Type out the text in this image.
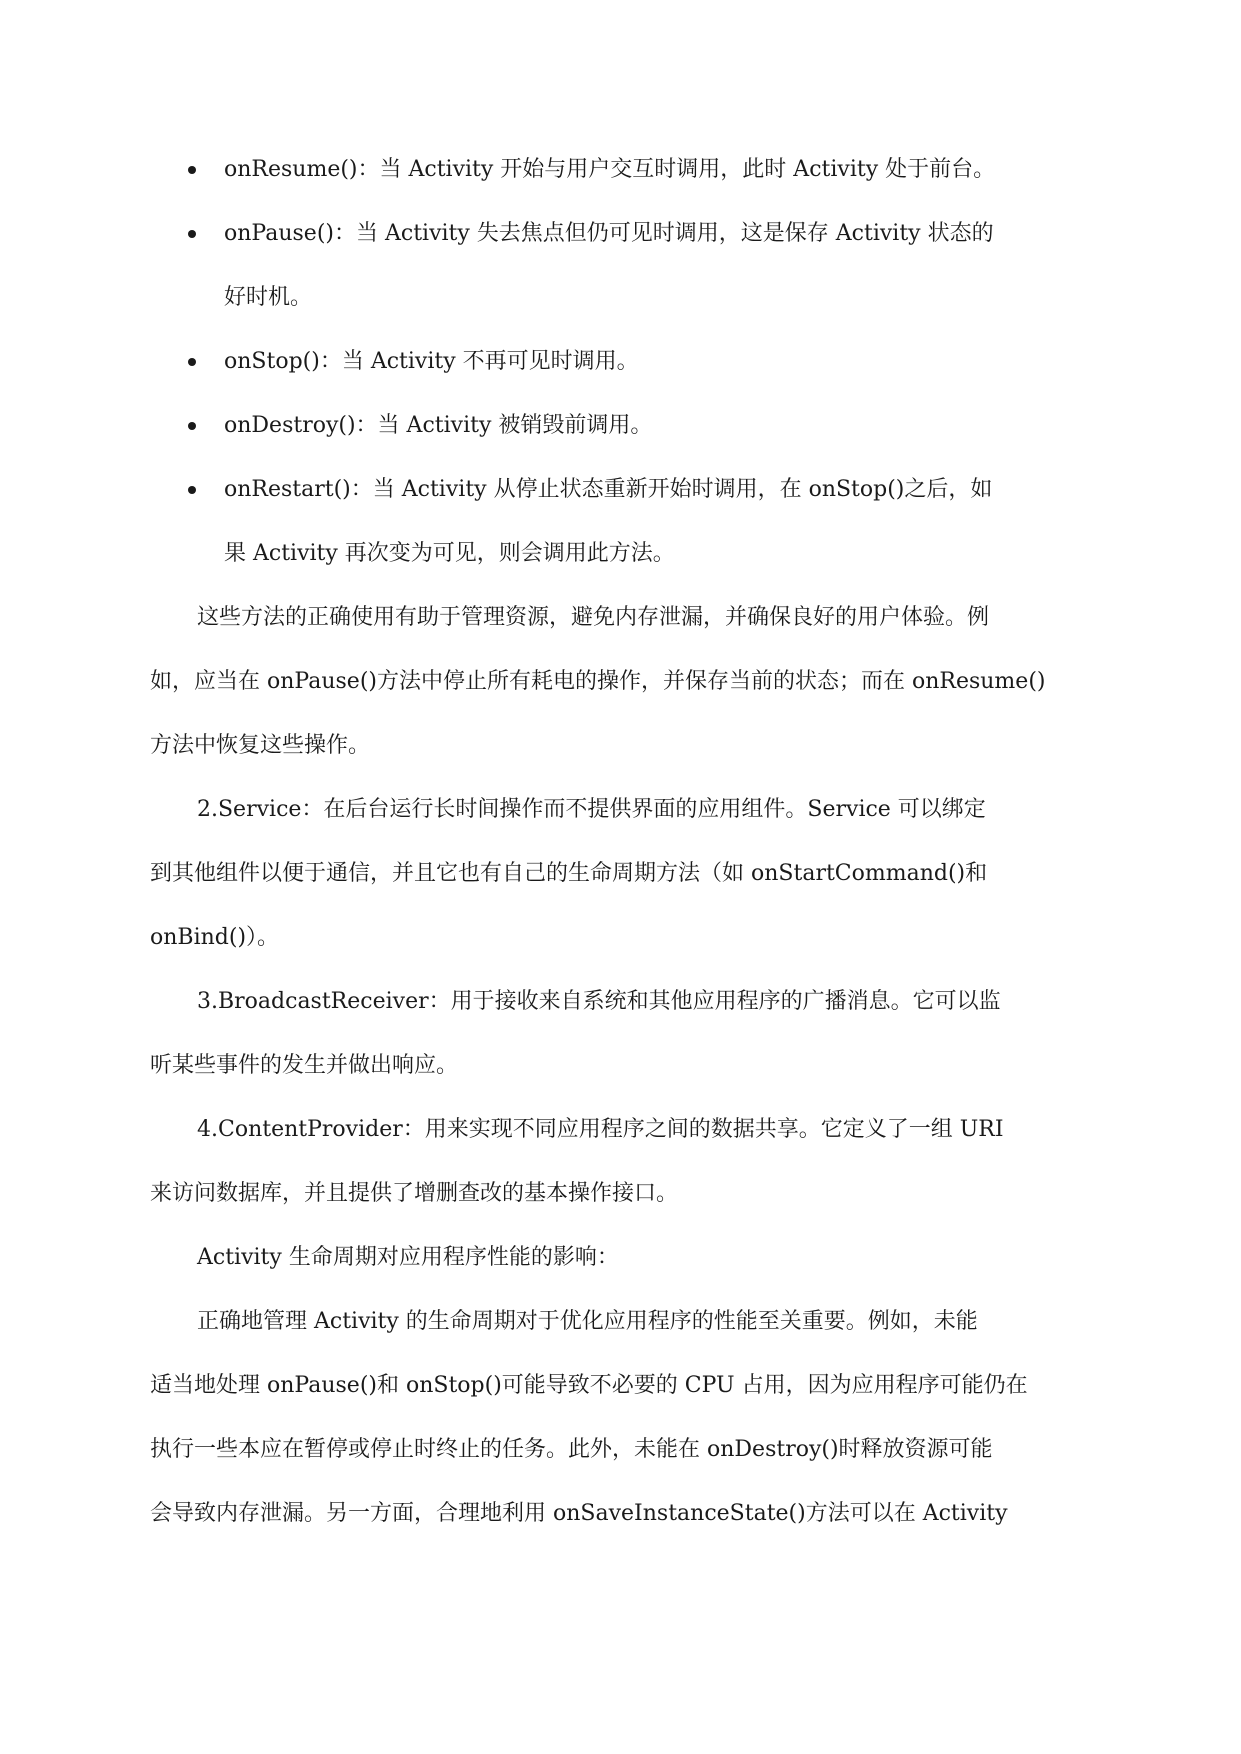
onResume()：当 Activity 开始与用户交互时调用，此时 Activity 处于前台。
onPause()：当 Activity 失去焦点但仍可见时调用，这是保存 Activity 状态的
好时机。
onStop()：当 Activity 不再可见时调用。
onDestroy()：当 Activity 被销毁前调用。
onRestart()：当 Activity 从停止状态重新开始时调用，在 onStop()之后，如
果 Activity 再次变为可见，则会调用此方法。
这些方法的正确使用有助于管理资源，避免内存泄漏，并确保良好的用户体验。例
如，应当在 onPause()方法中停止所有耗电的操作，并保存当前的状态；而在 onResume()
方法中恢复这些操作。
2.Service：在后台运行长时间操作而不提供界面的应用组件。Service 可以绑定
到其他组件以便于通信，并且它也有自己的生命周期方法（如 onStartCommand()和
onBind()）。
3.BroadcastReceiver：用于接收来自系统和其他应用程序的广播消息。它可以监
听某些事件的发生并做出响应。
4.ContentProvider：用来实现不同应用程序之间的数据共享。它定义了一组 URI
来访问数据库，并且提供了增删查改的基本操作接口。
Activity 生命周期对应用程序性能的影响：
正确地管理 Activity 的生命周期对于优化应用程序的性能至关重要。例如，未能
适当地处理 onPause()和 onStop()可能导致不必要的 CPU 占用，因为应用程序可能仍在
执行一些本应在暂停或停止时终止的任务。此外，未能在 onDestroy()时释放资源可能
会导致内存泄漏。另一方面，合理地利用 onSaveInstanceState()方法可以在 Activity
